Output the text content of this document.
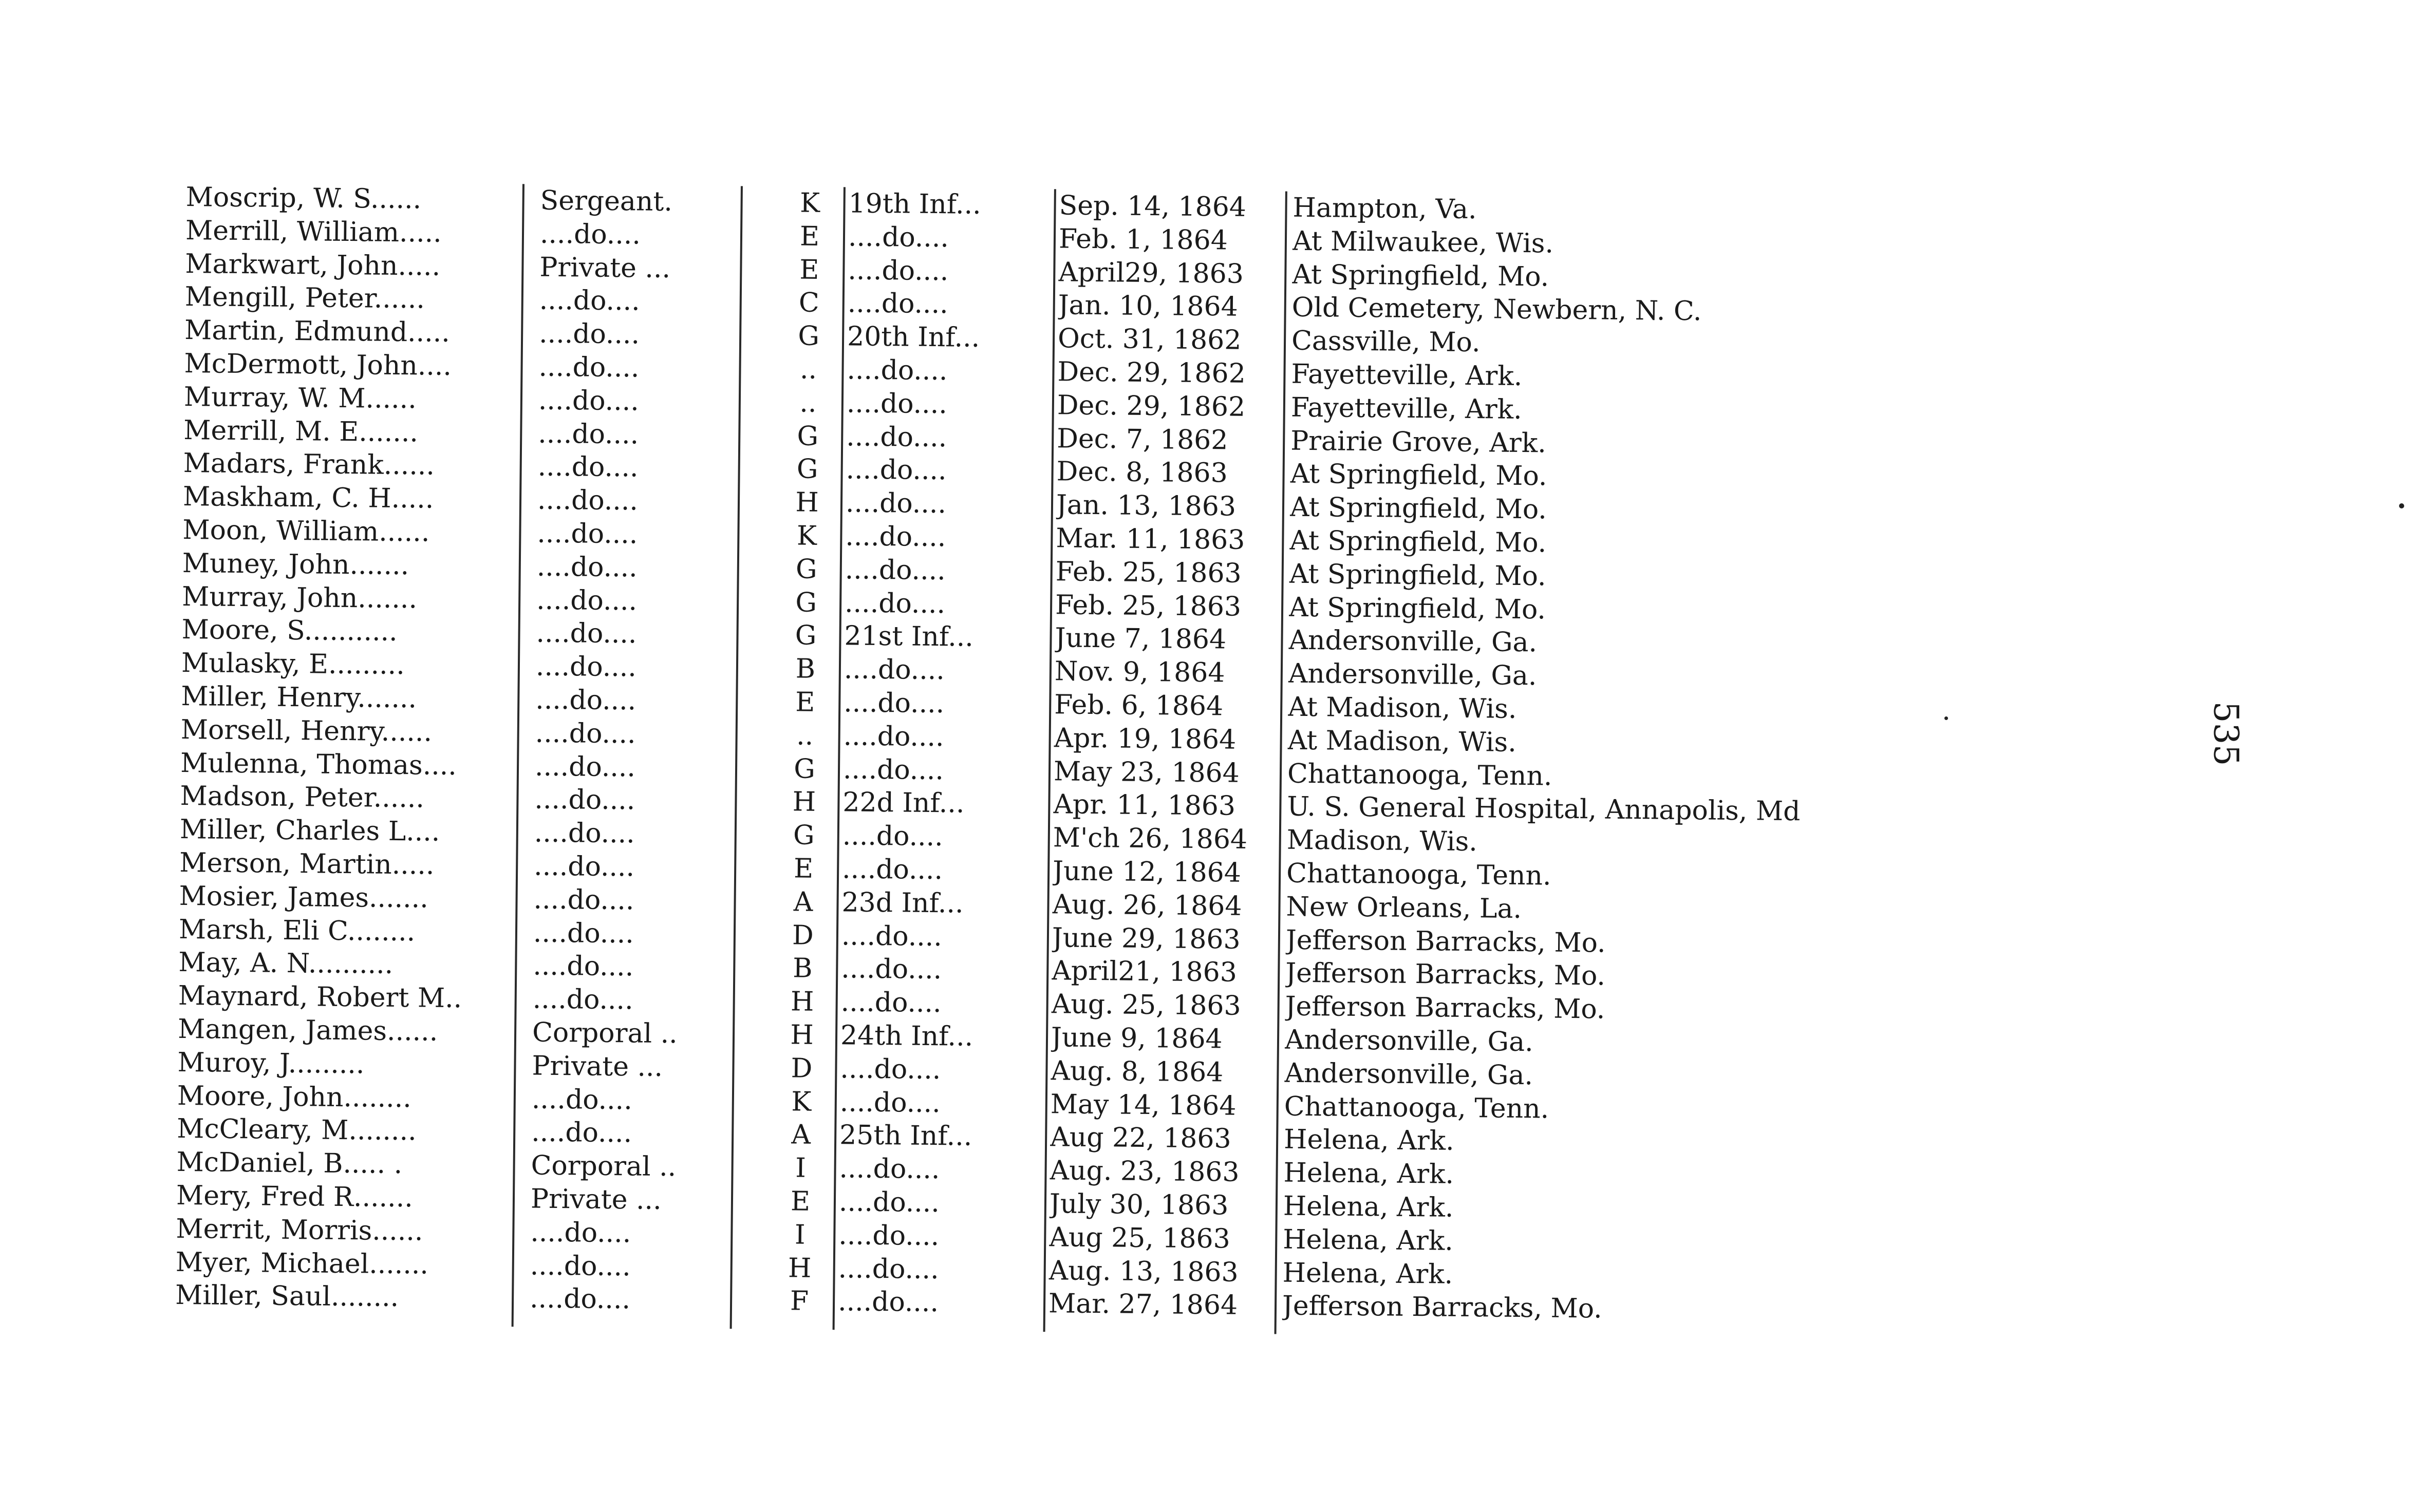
Moscrip, W. S......	Sergeant.	K	19th Inf...	Sep. 14, 1864	Hampton, Va.
Merrill, William.....	....do....	E	....do....	Feb. 1, 1864	At Milwaukee, Wis.
Markwart, John.....	Private ...	E	....do....	April29, 1863	At Springfield, Mo.
Mengill, Peter......	....do....	C	....do....	Jan. 10, 1864	Old Cemetery, Newbern, N. C.
Martin, Edmund.....	....do....	G	20th Inf...	Oct. 31, 1862	Cassville, Mo.
McDermott, John....	....do....	..	....do....	Dec. 29, 1862	Fayetteville, Ark.
Murray, W. M......	....do....	..	....do....	Dec. 29, 1862	Fayetteville, Ark.
Merrill, M. E.......	....do....	G	....do....	Dec. 7, 1862	Prairie Grove, Ark.
Madars, Frank......	....do....	G	....do....	Dec. 8, 1863	At Springfield, Mo.
Maskham, C. H.....	....do....	H ....do....	Jan. 13, 1863	At Springfield, Mo.
Moon, William......	....do....	K	....do....	Mar. 11, 1863	At Springfield, Mo.
Muney, John.......	....do....	G	....do....	Feb. 25, 1863	At Springfield, Mo.
Murray, John.......	....do....	G	....do....	Feb. 25, 1863	At Springfield, Mo.
Moore, S...........	....do....	G	21st Inf...	June 7, 1864	Andersonville, Ga.
Mulasky, E.........	....do....	B	....do....	Nov. 9, 1864	Andersonville, Ga.
Miller, Henry.......	....do....	E	....do....	Feb. 6, 1864	At Madison, Wis.
Morsell, Henry......	....do....	..	....do....	Apr. 19, 1864	At Madison, Wis.
Mulenna, Thomas....	....do....	G	....do....	May 23, 1864	Chattanooga, Tenn.
Madson, Peter......	....do....	H 22d Inf...	Apr. 11, 1863	U. S. General Hospital, Annapolis, Md
Miller, Charles L....	....do....	G	....do....	M'ch 26, 1864	Madison, Wis.
Merson, Martin.....	....do....	E	....do....	June 12, 1864	Chattanooga, Tenn.
Mosier, James.......	....do....	A	23d Inf...	Aug. 26, 1864	New Orleans, La.
Marsh, Eli C........	....do....	D	....do....	June 29, 1863	Jefferson Barracks, Mo.
May, A. N..........	....do....	B	....do....	April21, 1863	Jefferson Barracks, Mo.
Maynard, Robert M..	....do....	H ....do....	Aug. 25, 1863	Jefferson Barracks, Mo.
Mangen, James......	Corporal ..	H 24th Inf...	June 9, 1864	Andersonville, Ga.
Muroy, J.........	Private ...	D	....do....	Aug. 8, 1864	Andersonville, Ga.
Moore, John........	....do....	K	....do....	May 14, 1864	Chattanooga, Tenn.
McCleary, M........	....do....	A	25th Inf...	Aug 22, 1863	Helena, Ark.
McDaniel, B..... .	Corporal ..	I	....do....	Aug. 23, 1863	Helena, Ark.
Mery, Fred R.......	Private ...	E	....do....	July 30, 1863	Helena, Ark.
Merrit, Morris......	....do....	I	....do....	Aug 25, 1863	Helena, Ark.
Myer, Michael.......	....do....	H ....do....	Aug. 13, 1863	Helena, Ark.
Miller, Saul........	....do....	F	....do....	Mar. 27, 1864	Jefferson Barracks, Mo.
535
